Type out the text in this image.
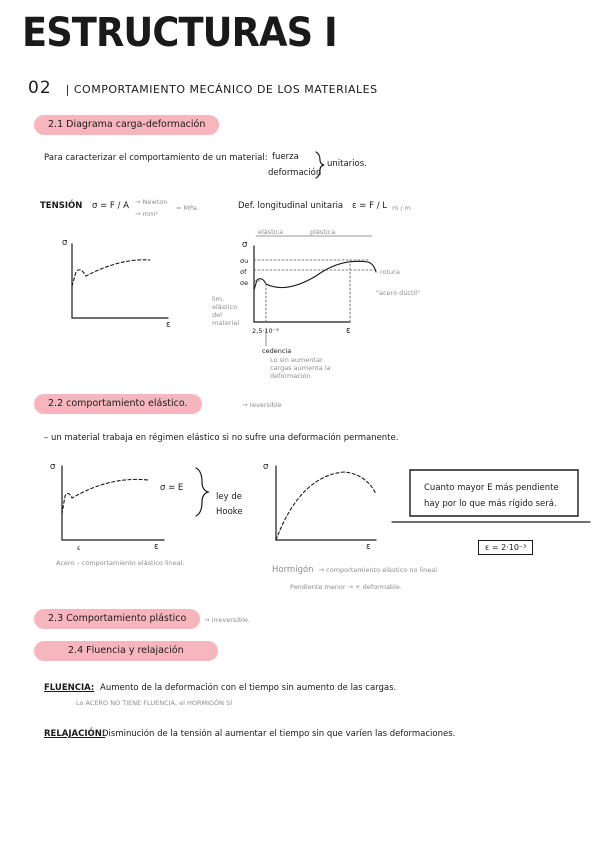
ESTRUCTURAS I
02 | COMPORTAMIENTO MECÁNICO DE LOS MATERIALES
2.1 Diagrama carga-deformación
Para caracterizar el comportamiento de un material: fuerza
deformación
unitarios.
TENSIÓN σ = F / A → Newton
→ mm²
= MPa.	Def. longitudinal unitaria ε = F / L m / m
σ
ε
σ
ε
elástica	plástica
σu
σf
σe
rotura
"acero dúctil"
lim. elástico del material
2,5·10⁻³
cedencia
Lo sin aumentar cargas aumenta la deformación
2.2 comportamiento elástico.	→ reversible
– un material trabaja en régimen elástico si no sufre una deformación permanente.
σ
ε	ε
σ = E
ley de Hooke
Acero – comportamiento elástico lineal.
σ
ε
Hormigón → comportamiento elástico no lineal
ε = 2·10⁻³
Pendiente menor → + deformable.
Cuanto mayor E más pendiente hay por lo que más rígido será.
2.3 Comportamiento plástico	→ irreversible.
2.4 Fluencia y relajación
FLUENCIA: Aumento de la deformación con el tiempo sin aumento de las cargas.
Lo ACERO NO TIENE FLUENCIA, el HORMIGÓN SÍ
RELAJACIÓN:
Disminución de la tensión al aumentar el tiempo sin que varíen las deformaciones.
